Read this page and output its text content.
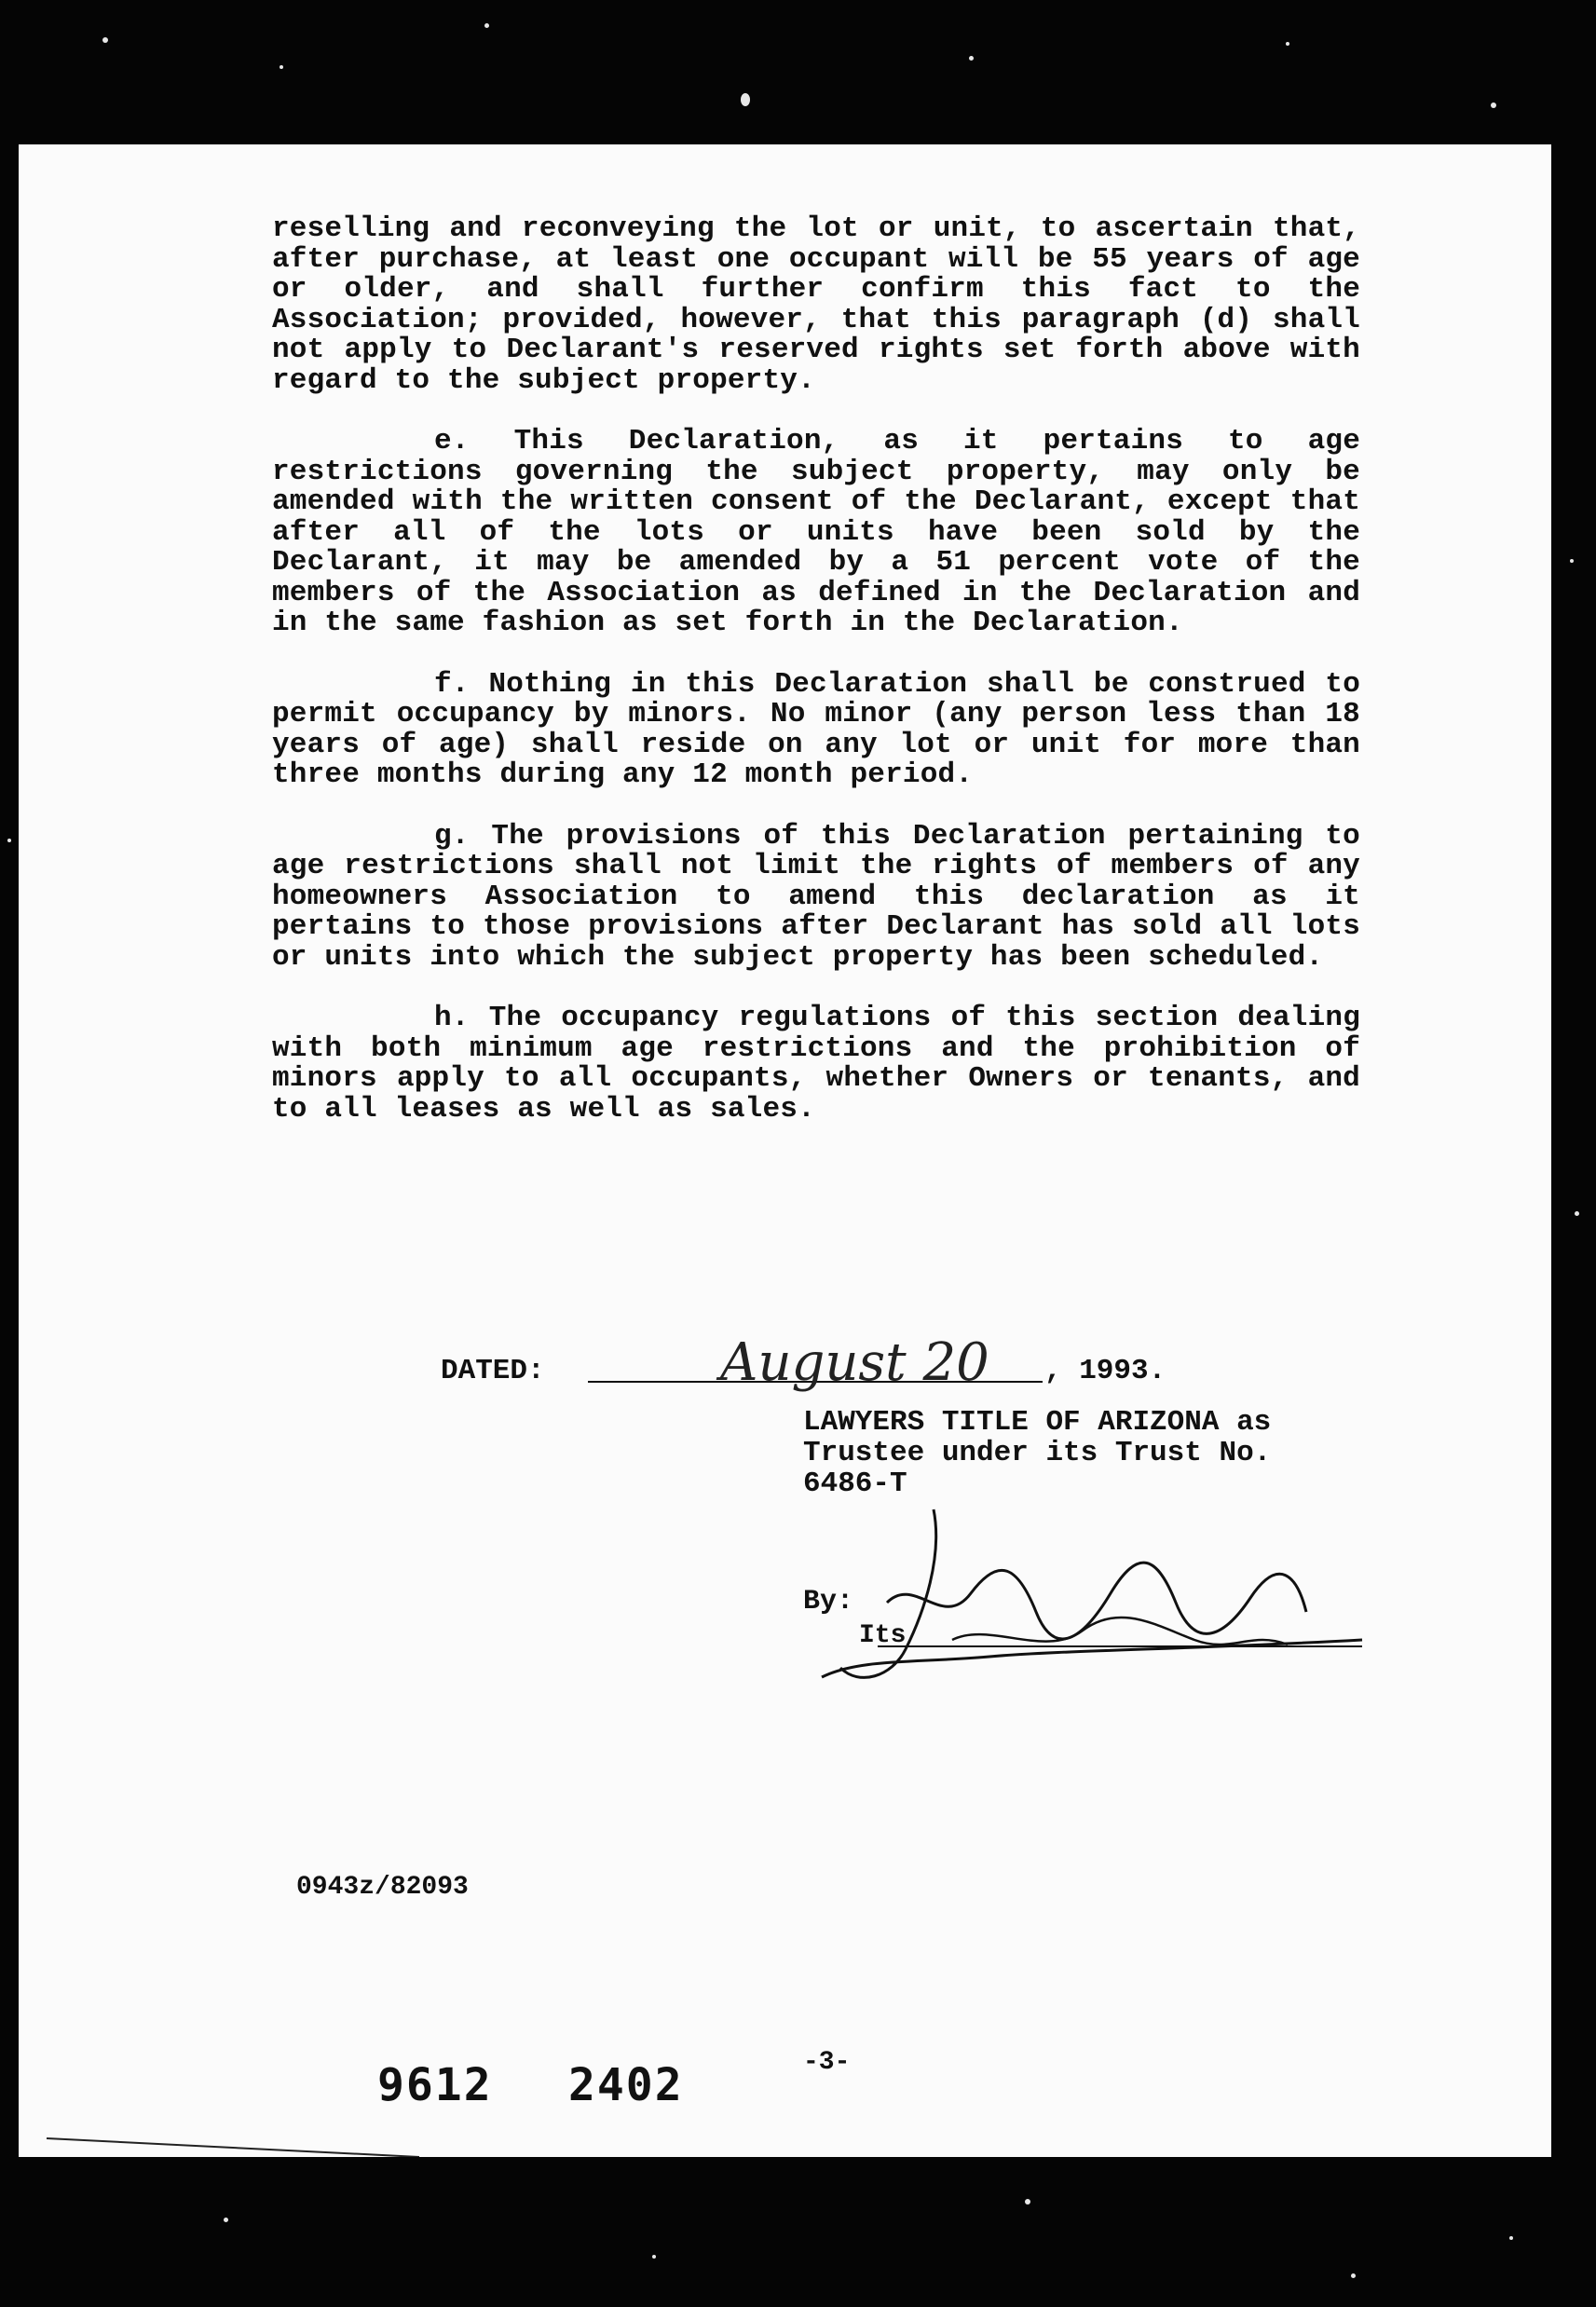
reselling and reconveying the lot or unit, to ascertain that, after purchase, at least one occupant will be 55 years of age or older, and shall further confirm this fact to the Association; provided, however, that this paragraph (d) shall not apply to Declarant's reserved rights set forth above with regard to the subject property.

e. This Declaration, as it pertains to age restrictions governing the subject property, may only be amended with the written consent of the Declarant, except that after all of the lots or units have been sold by the Declarant, it may be amended by a 51 percent vote of the members of the Association as defined in the Declaration and in the same fashion as set forth in the Declaration.

f. Nothing in this Declaration shall be construed to permit occupancy by minors. No minor (any person less than 18 years of age) shall reside on any lot or unit for more than three months during any 12 month period.

g. The provisions of this Declaration pertaining to age restrictions shall not limit the rights of members of any homeowners Association to amend this declaration as it pertains to those provisions after Declarant has sold all lots or units into which the subject property has been scheduled.

h. The occupancy regulations of this section dealing with both minimum age restrictions and the prohibition of minors apply to all occupants, whether Owners or tenants, and to all leases as well as sales.

DATED:	August 20 , 1993.
LAWYERS TITLE OF ARIZONA as
Trustee under its Trust No.
6486-T
By:
Its
0943z/82093
-3-
9612 2402
